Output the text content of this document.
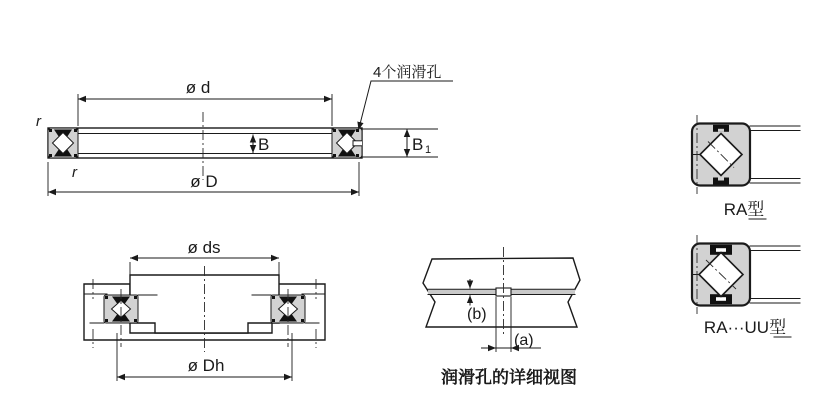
ø d
ø D
B	B 1
r
r
4个润滑孔
ø ds
ø Dh
(b)
(a)
润滑孔的详细视图
RA型
RA···UU型
